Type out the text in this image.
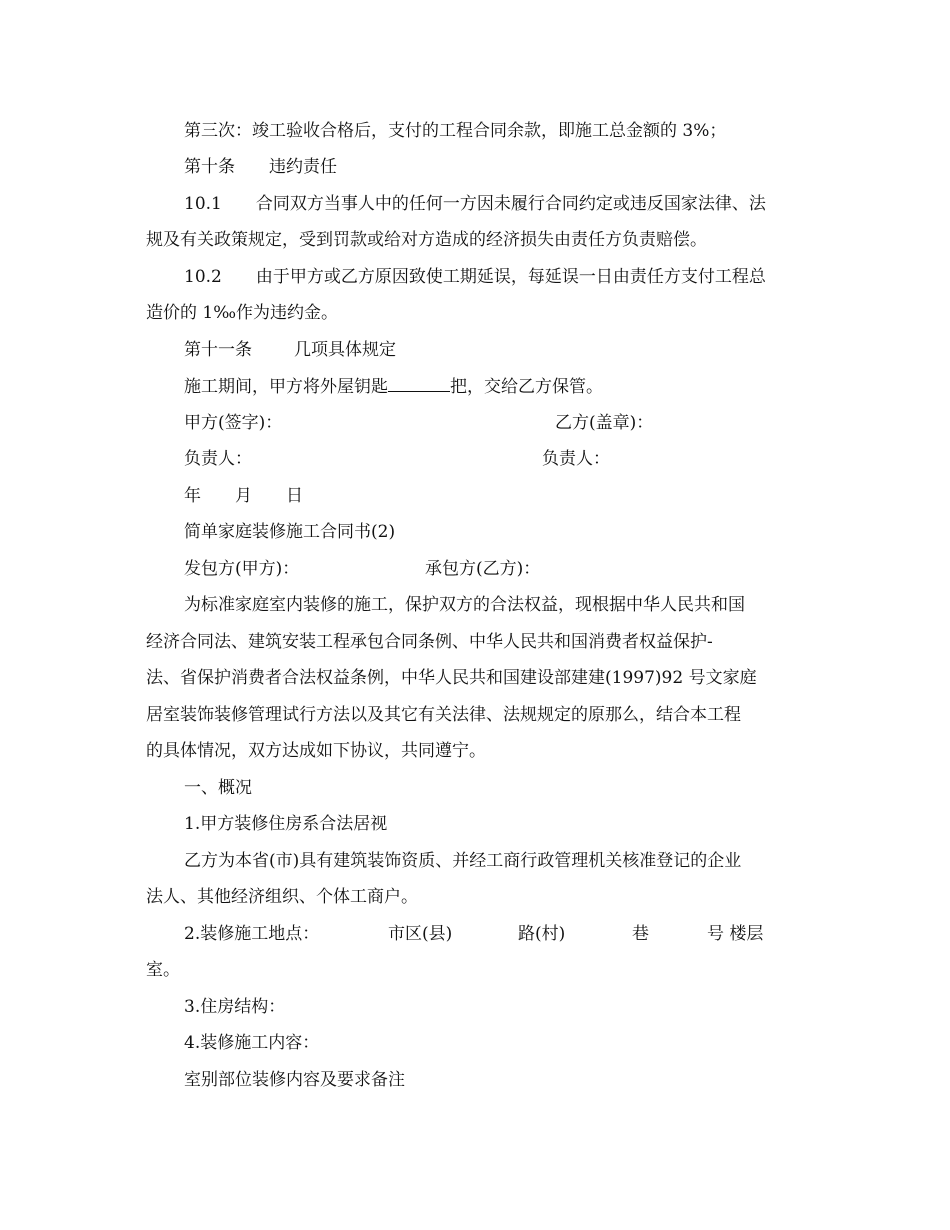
第三次：竣工验收合格后，支付的工程合同余款，即施工总金额的 3%；
第十条 违约责任
10.1 合同双方当事人中的任何一方因未履行合同约定或违反国家法律、法
规及有关政策规定，受到罚款或给对方造成的经济损失由责任方负责赔偿。
10.2 由于甲方或乙方原因致使工期延误，每延误一日由责任方支付工程总
造价的 1‰作为违约金。
第十一条 几项具体规定
施工期间，甲方将外屋钥匙	把，交给乙方保管。
甲方(签字)：	乙方(盖章)：
负责人：	负责人：
年 月 日
简单家庭装修施工合同书(2)
发包方(甲方)：	承包方(乙方)：
为标准家庭室内装修的施工，保护双方的合法权益，现根据中华人民共和国
经济合同法、建筑安装工程承包合同条例、中华人民共和国消费者权益保护-
法、省保护消费者合法权益条例，中华人民共和国建设部建建(1997)92 号文家庭
居室装饰装修管理试行方法以及其它有关法律、法规规定的原那么，结合本工程
的具体情况，双方达成如下协议，共同遵宁。
一、概况
1.甲方装修住房系合法居视
乙方为本省(市)具有建筑装饰资质、并经工商行政管理机关核准登记的企业
法人、其他经济组织、个体工商户。
2.装修施工地点：	市区(县)	路(村)	巷	号 楼层
室。
3.住房结构：
4.装修施工内容：
室别部位装修内容及要求备注
